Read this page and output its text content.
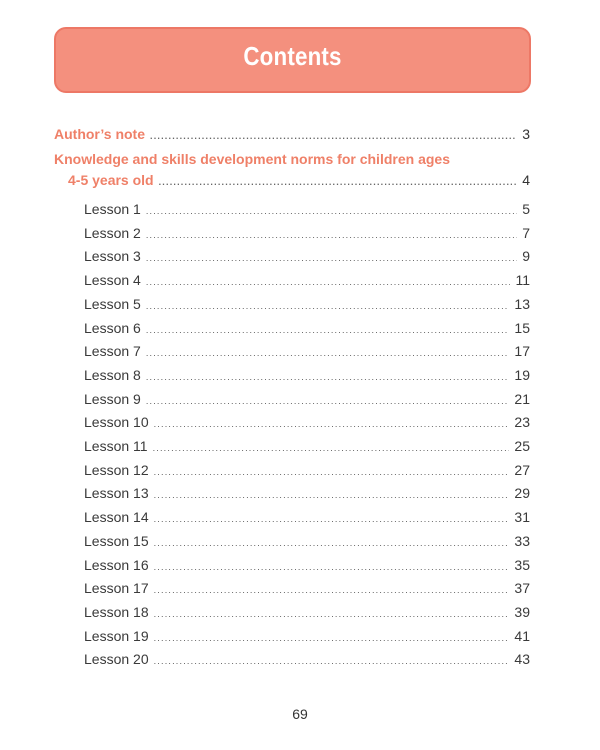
Contents
Author’s note .....	3
Knowledge and skills development norms for children ages
4-5 years old .....	4
Lesson 1 .....	5
Lesson 2 .....	7
Lesson 3 .....	9
Lesson 4 .....	11
Lesson 5 .....	13
Lesson 6 .....	15
Lesson 7 .....	17
Lesson 8 .....	19
Lesson 9 .....	21
Lesson 10 .....	23
Lesson 11 .....	25
Lesson 12 .....	27
Lesson 13 .....	29
Lesson 14 .....	31
Lesson 15 .....	33
Lesson 16 .....	35
Lesson 17 .....	37
Lesson 18 .....	39
Lesson 19 .....	41
Lesson 20 .....	43
69
